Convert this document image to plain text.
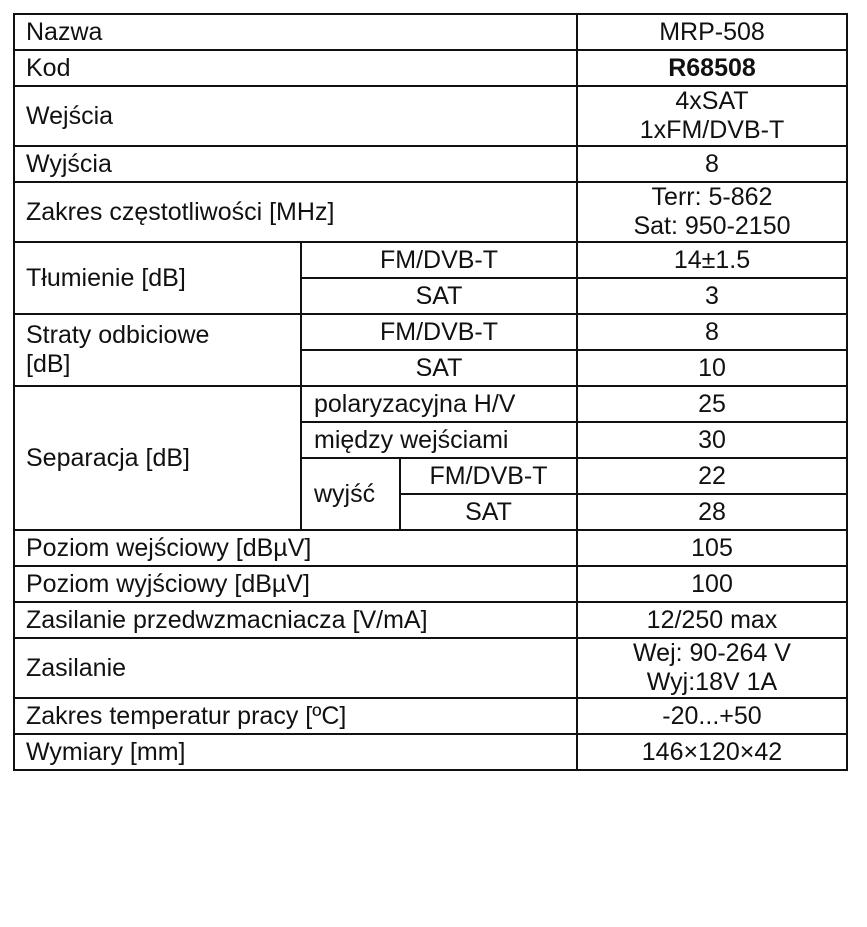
Nazwa			MRP-508
Kod			R68508
Wejścia			4xSAT
1xFM/DVB-T

Wyjścia			8
Zakres częstotliwości [MHz]			Terr: 5-862
Sat: 950-2150

Tłumienie [dB]	FM/DVB-T		14±1.5
	SAT		3

Straty odbiciowe
[dB]	FM/DVB-T		8
	SAT		10
Separacja [dB]	polaryzacyjna H/V		25
	między wejściami		30
	wyjść	FM/DVB-T	22
		SAT	28
Poziom wejściowy [dBµV]			105
Poziom wyjściowy [dBµV]			100
Zasilanie przedwzmacniacza [V/mA]			12/250 max
Zasilanie			Wej: 90-264 V
Wyj:18V 1A

Zakres temperatur pracy [ºC]			-20...+50
Wymiary [mm]			146×120×42
